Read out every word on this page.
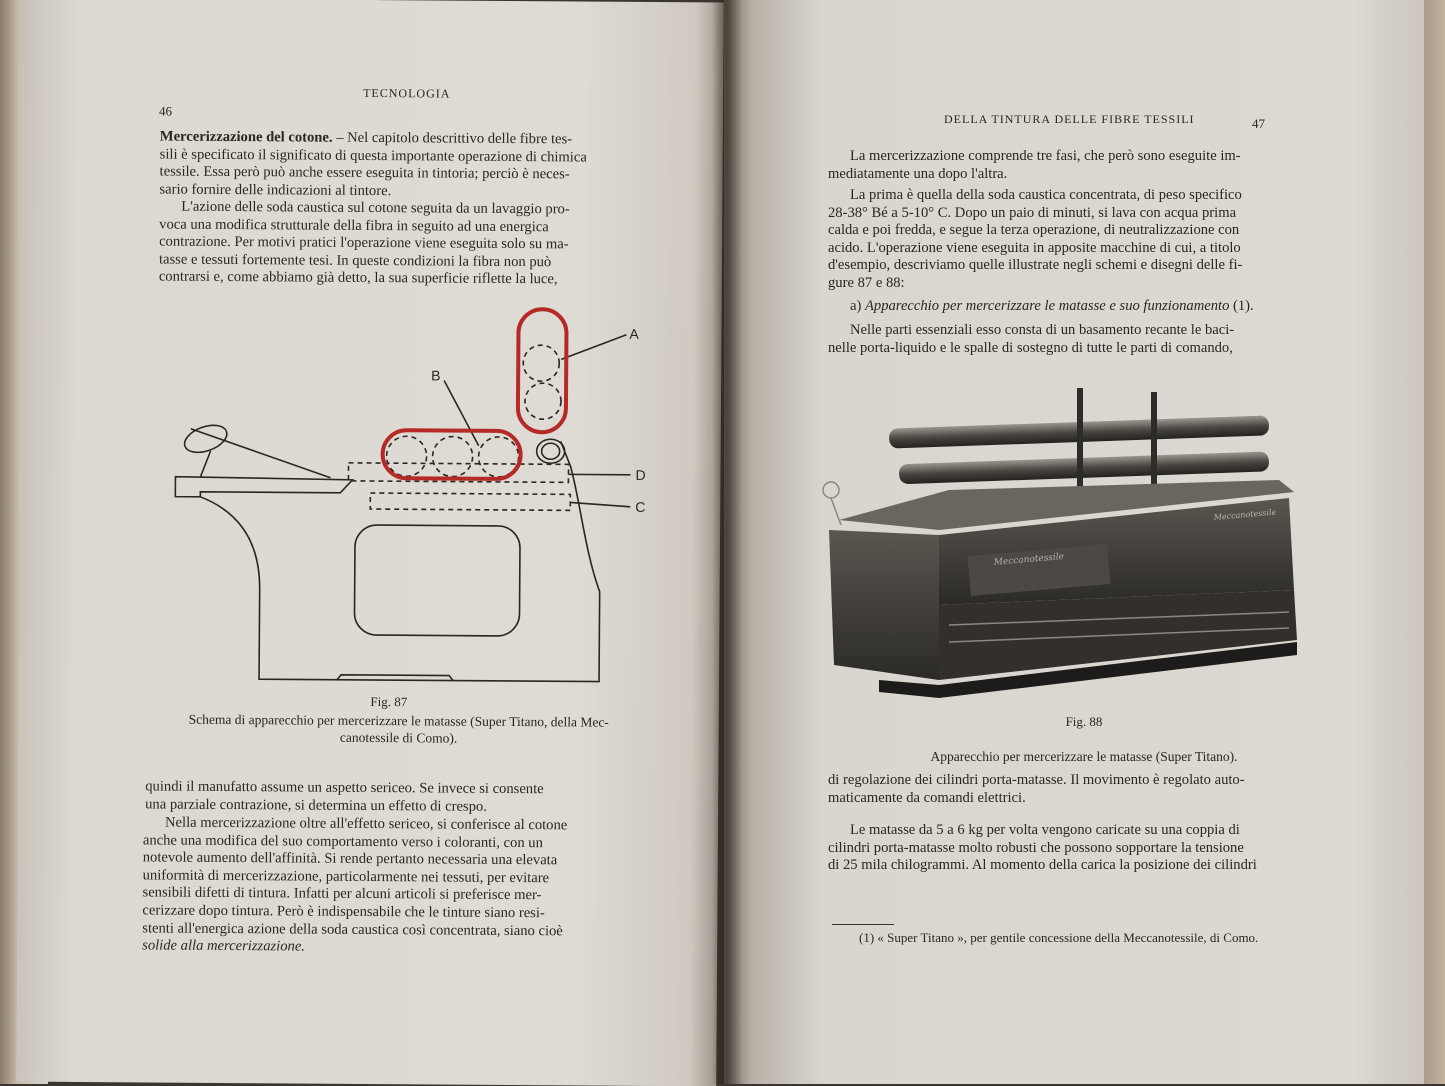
TECNOLOGIA
46
Mercerizzazione del cotone. – Nel capitolo descrittivo delle fibre tes-
sili è specificato il significato di questa importante operazione di chimica
tessile. Essa però può anche essere eseguita in tintoria; perciò è neces-
sario fornire delle indicazioni al tintore.
L'azione delle soda caustica sul cotone seguita da un lavaggio pro-
voca una modifica strutturale della fibra in seguito ad una energica
contrazione. Per motivi pratici l'operazione viene eseguita solo su ma-
tasse e tessuti fortemente tesi. In queste condizioni la fibra non può
contrarsi e, come abbiamo già detto, la sua superficie riflette la luce,
B
A
D
C
Fig. 87
Schema di apparecchio per mercerizzare le matasse (Super Titano, della Mec-
canotessile di Como).
quindi il manufatto assume un aspetto sericeo. Se invece si consente
una parziale contrazione, si determina un effetto di crespo.
Nella mercerizzazione oltre all'effetto sericeo, si conferisce al cotone
anche una modifica del suo comportamento verso i coloranti, con un
notevole aumento dell'affinità. Si rende pertanto necessaria una elevata
uniformità di mercerizzazione, particolarmente nei tessuti, per evitare
sensibili difetti di tintura. Infatti per alcuni articoli si preferisce mer-
cerizzare dopo tintura. Però è indispensabile che le tinture siano resi-
stenti all'energica azione della soda caustica così concentrata, siano cioè
solide alla mercerizzazione.
DELLA TINTURA DELLE FIBRE TESSILI	47
La mercerizzazione comprende tre fasi, che però sono eseguite im-
mediatamente una dopo l'altra.
La prima è quella della soda caustica concentrata, di peso specifico
28-38° Bé a 5-10° C. Dopo un paio di minuti, si lava con acqua prima
calda e poi fredda, e segue la terza operazione, di neutralizzazione con
acido. L'operazione viene eseguita in apposite macchine di cui, a titolo
d'esempio, descriviamo quelle illustrate negli schemi e disegni delle fi-
gure 87 e 88:
a) Apparecchio per mercerizzare le matasse e suo funzionamento (1).
Nelle parti essenziali esso consta di un basamento recante le baci-
nelle porta-liquido e le spalle di sostegno di tutte le parti di comando,
Meccanotessile
Meccanotessile
Fig. 88
Apparecchio per mercerizzare le matasse (Super Titano).
di regolazione dei cilindri porta-matasse. Il movimento è regolato auto-
maticamente da comandi elettrici.
Le matasse da 5 a 6 kg per volta vengono caricate su una coppia di
cilindri porta-matasse molto robusti che possono sopportare la tensione
di 25 mila chilogrammi. Al momento della carica la posizione dei cilindri
(1) « Super Titano », per gentile concessione della Meccanotessile, di Como.
